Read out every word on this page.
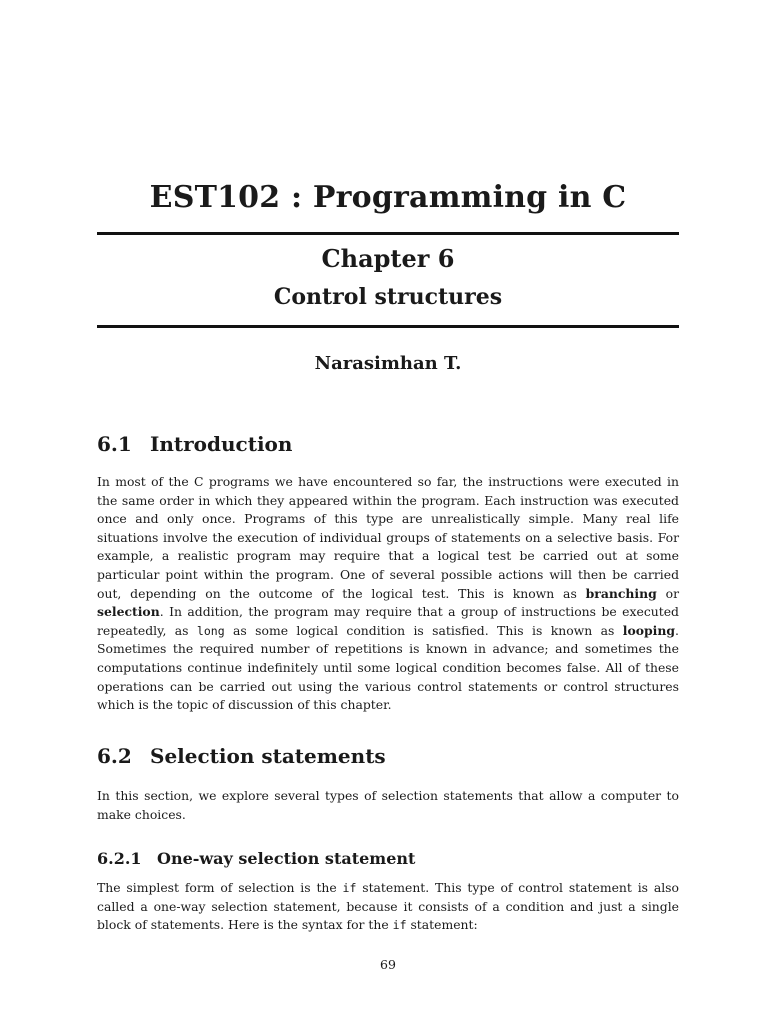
EST102 : Programming in C
Chapter 6
Control structures
Narasimhan T.
6.1 Introduction

In most of the C programs we have encountered so far, the instructions were executed in the same order in which they appeared within the program. Each instruction was executed once and only once. Programs of this type are unrealistically simple. Many real life situations involve the execution of individual groups of statements on a selective basis. For example, a realistic program may require that a logical test be carried out at some particular point within the program. One of several possible actions will then be carried out, depending on the outcome of the logical test. This is known as branching or selection. In addition, the program may require that a group of instructions be executed repeatedly, as long as some logical condition is satisfied. This is known as looping. Sometimes the required number of repetitions is known in advance; and sometimes the computations continue indefinitely until some logical condition becomes false. All of these operations can be carried out using the various control statements or control structures which is the topic of discussion of this chapter.

6.2 Selection statements

In this section, we explore several types of selection statements that allow a computer to make choices.

6.2.1 One-way selection statement

The simplest form of selection is the if statement. This type of control statement is also called a one-way selection statement, because it consists of a condition and just a single block of statements. Here is the syntax for the if statement:

69
